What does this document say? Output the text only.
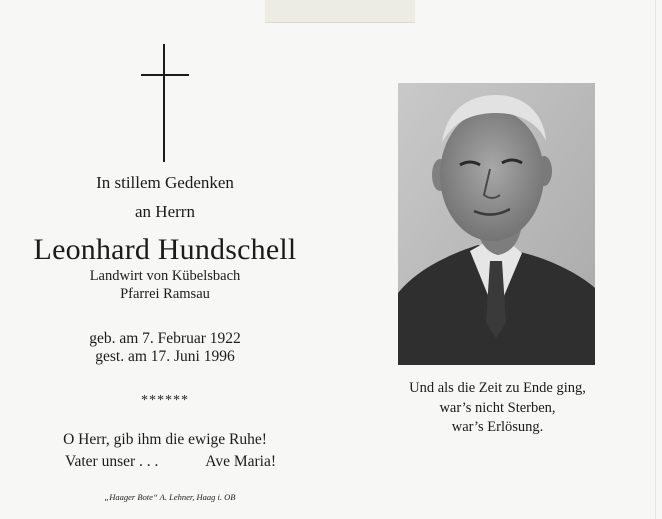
In stillem Gedenken
an Herrn
Leonhard Hundschell
Landwirt von Kübelsbach
Pfarrei Ramsau
geb. am 7. Februar 1922
gest. am 17. Juni 1996
******
O Herr, gib ihm die ewige Ruhe!
Vater unser . . .	Ave Maria!
„Haager Bote“ A. Lehner, Haag i. OB
Und als die Zeit zu Ende ging,
war’s nicht Sterben,
war’s Erlösung.
